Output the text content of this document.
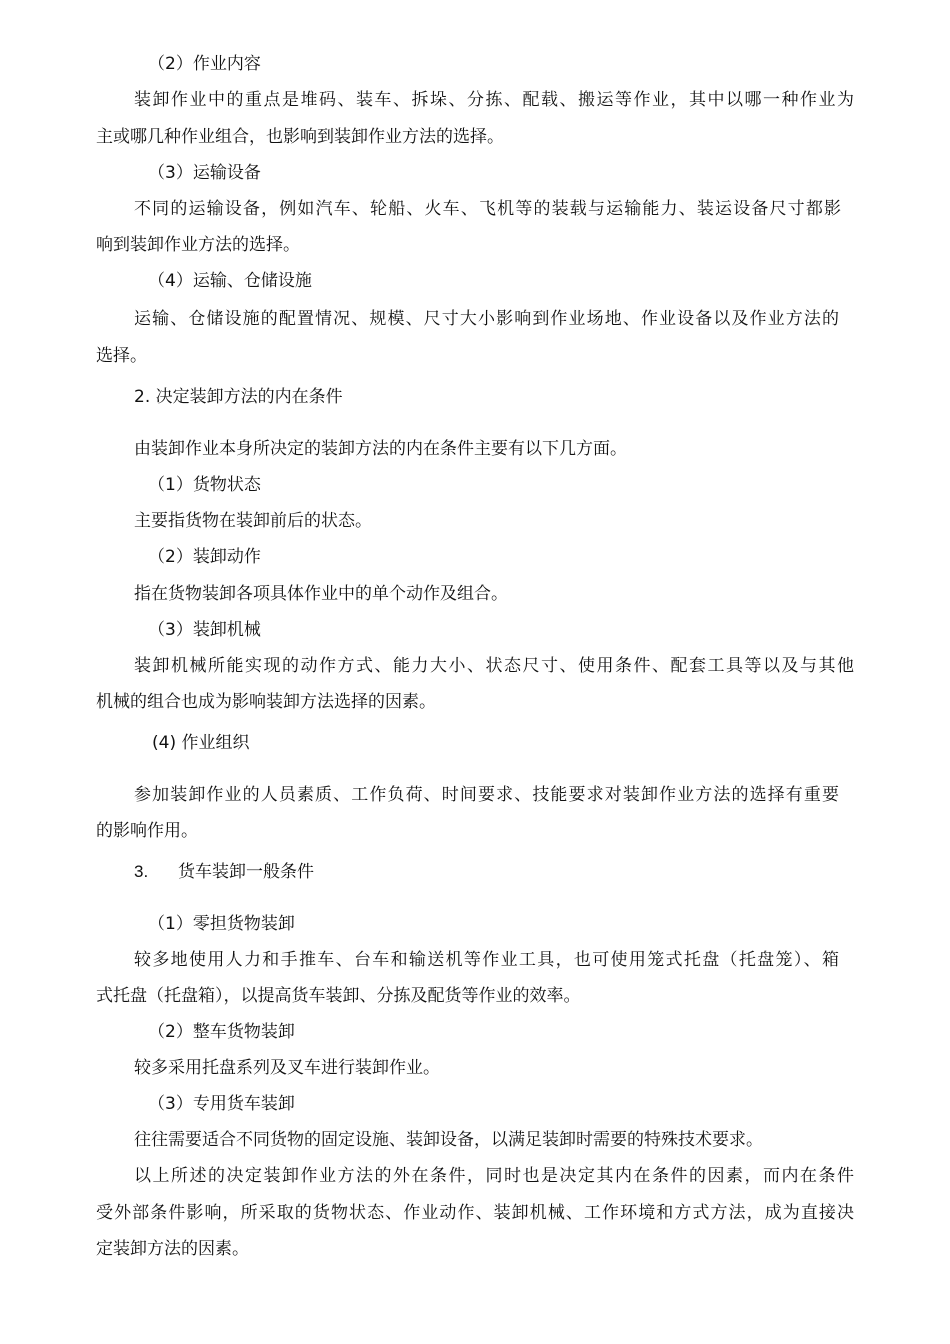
（2）作业内容
装卸作业中的重点是堆码、装车、拆垛、分拣、配载、搬运等作业，其中以哪一种作业为
主或哪几种作业组合，也影响到装卸作业方法的选择。
（3）运输设备
不同的运输设备，例如汽车、轮船、火车、飞机等的装载与运输能力、装运设备尺寸都影
响到装卸作业方法的选择。
（4）运输、仓储设施
运输、仓储设施的配置情况、规模、尺寸大小影响到作业场地、作业设备以及作业方法的
选择。
2. 决定装卸方法的内在条件
由装卸作业本身所决定的装卸方法的内在条件主要有以下几方面。
（1）货物状态
主要指货物在装卸前后的状态。
（2）装卸动作
指在货物装卸各项具体作业中的单个动作及组合。
（3）装卸机械
装卸机械所能实现的动作方式、能力大小、状态尺寸、使用条件、配套工具等以及与其他
机械的组合也成为影响装卸方法选择的因素。
(4) 作业组织
参加装卸作业的人员素质、工作负荷、时间要求、技能要求对装卸作业方法的选择有重要
的影响作用。
3. 货车装卸一般条件
（1）零担货物装卸
较多地使用人力和手推车、台车和输送机等作业工具，也可使用笼式托盘（托盘笼）、箱
式托盘（托盘箱），以提高货车装卸、分拣及配货等作业的效率。
（2）整车货物装卸
较多采用托盘系列及叉车进行装卸作业。
（3）专用货车装卸
往往需要适合不同货物的固定设施、装卸设备，以满足装卸时需要的特殊技术要求。
以上所述的决定装卸作业方法的外在条件，同时也是决定其内在条件的因素，而内在条件
受外部条件影响，所采取的货物状态、作业动作、装卸机械、工作环境和方式方法，成为直接决
定装卸方法的因素。
